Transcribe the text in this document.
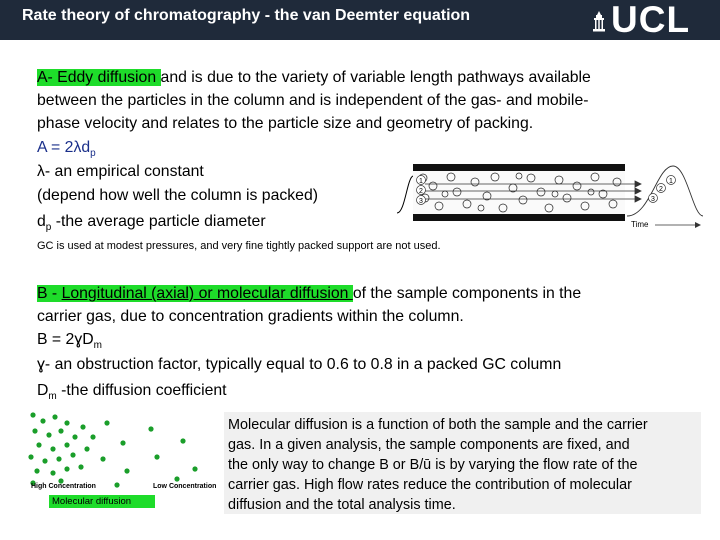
Rate theory of chromatography - the van Deemter equation	UCL
A- Eddy diffusion and is due to the variety of variable length pathways available
between the particles in the column and is independent of the gas- and mobile-
phase velocity and relates to the particle size and geometry of packing.
$A = 2\lambda d_p$
λ- an empirical constant
(depend how well the column is packed)
$d_p$ -the average particle diameter
GC is used at modest pressures, and very fine tightly packed support are not used.
1
2
3
1
2
3
Time
B - Longitudinal (axial) or molecular diffusion of the sample components in the
carrier gas, due to concentration gradients within the column.
B = 2ɣD$_m$
ɣ- an obstruction factor, typically equal to 0.6 to 0.8 in a packed GC column
$D_m$ -the diffusion coefficient
High Concentration	Low Concentration
Molecular diffusion
Molecular diffusion is a function of both the sample and the carrier
gas. In a given analysis, the sample components are fixed, and
the only way to change B or B/ū is by varying the flow rate of the
carrier gas. High flow rates reduce the contribution of molecular
diffusion and the total analysis time.
